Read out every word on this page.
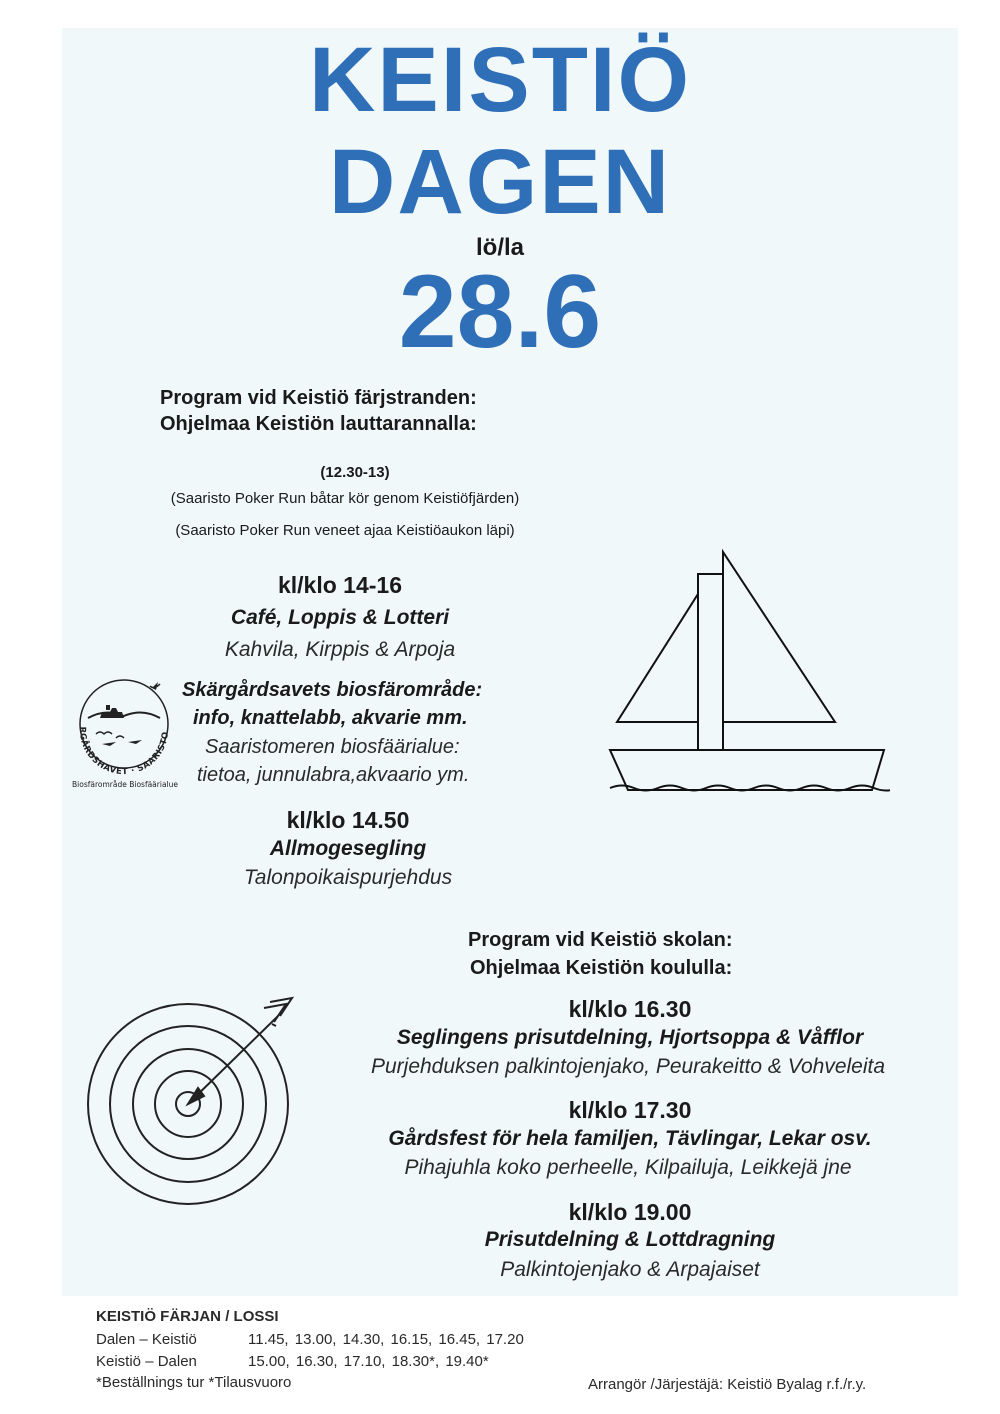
KEISTIÖ
DAGEN
lö/la
28.6
Program vid Keistiö färjstranden:
Ohjelmaa Keistiön lauttarannalla:
(12.30-13)
(Saaristo Poker Run båtar kör genom Keistiöfjärden)
(Saaristo Poker Run veneet ajaa Keistiöaukon läpi)
kl/klo 14-16
Café, Loppis & Lotteri
Kahvila, Kirppis & Arpoja
RGÅRDSHAVET · SAARISTO
Biosfärområde Biosfäärialue
Skärgårdsavets biosfärområde:
info, knattelabb, akvarie mm.
Saaristomeren biosfäärialue:
tietoa, junnulabra,akvaario ym.
kl/klo 14.50
Allmogesegling
Talonpoikaispurjehdus
Program vid Keistiö skolan:
Ohjelmaa Keistiön koululla:
kl/klo 16.30
Seglingens prisutdelning, Hjortsoppa & Våfflor
Purjehduksen palkintojenjako, Peurakeitto & Vohveleita
kl/klo 17.30
Gårdsfest för hela familjen, Tävlingar, Lekar osv.
Pihajuhla koko perheelle, Kilpailuja, Leikkejä jne
kl/klo 19.00
Prisutdelning & Lottdragning
Palkintojenjako & Arpajaiset
KEISTIÖ FÄRJAN / LOSSI
Dalen – Keistiö	11.45, 13.00, 14.30, 16.15, 16.45, 17.20
Keistiö – Dalen	15.00, 16.30, 17.10, 18.30*, 19.40*
*Beställnings tur *Tilausvuoro	Arrangör /Järjestäjä: Keistiö Byalag r.f./r.y.
